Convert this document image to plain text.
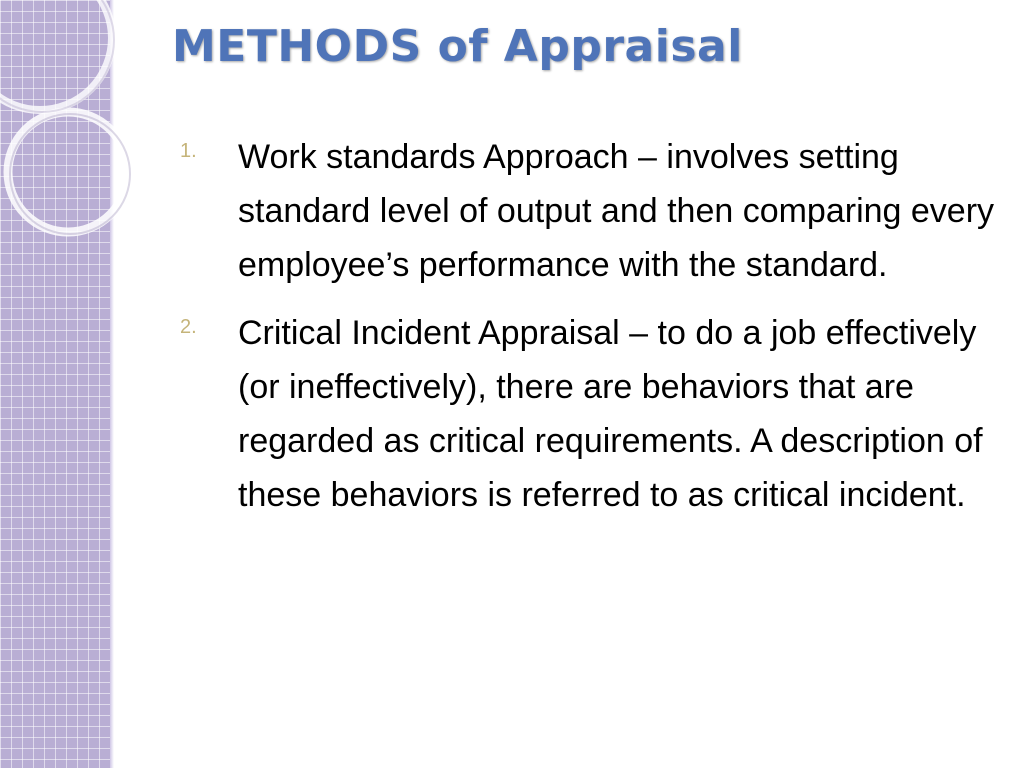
METHODS of Appraisal
1.	Work standards Approach – involves setting standard level of output and then comparing every employee’s performance with the standard.

2.	Critical Incident Appraisal – to do a job effectively (or ineffectively), there are behaviors that are regarded as critical requirements. A description of these behaviors is referred to as critical incident.
